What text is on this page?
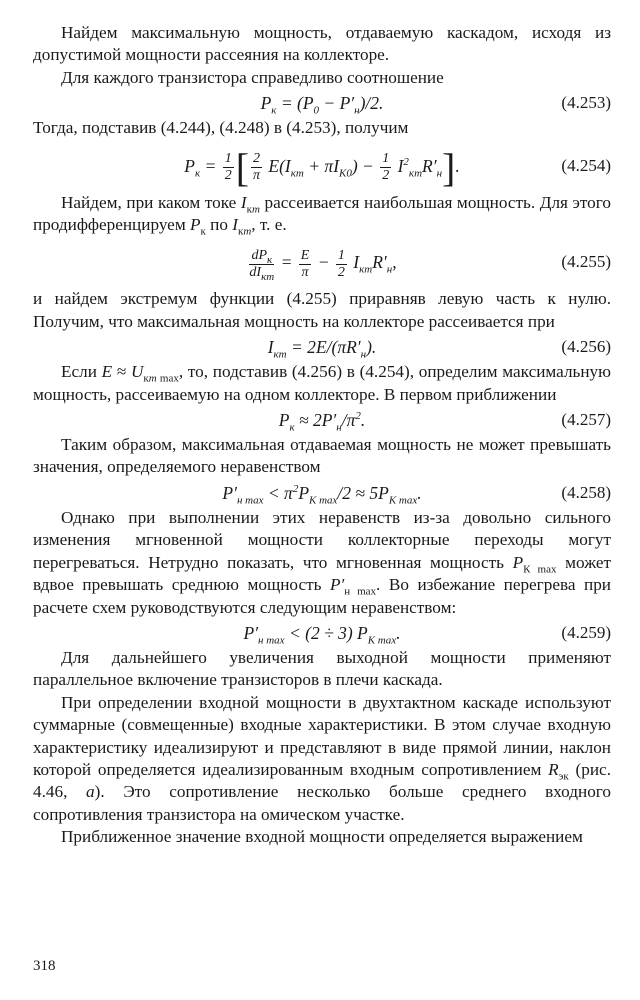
Найдем максимальную мощность, отдаваемую каскадом, исходя из допустимой мощности рассеяния на коллекторе.

Для каждого транзистора справедливо соотношение

$P_к = (P_0 - P'_н)/2$.	(4.253)

Тогда, подставив (4.244), (4.248) в (4.253), получим

$P_к = \frac{1}{2}$ [ $\frac{2}{\pi} E(I_{кm} + \pi I_{К0}) - \frac{1}{2} I^2_{кm}R'_н$].	(4.254)

Найдем, при каком токе $I_{кm}$ рассеивается наибольшая мощность. Для этого продифференцируем $P_к$ по $I_{кm}$, т. е.

$\frac{dP_к}{dI_{кm}} = \frac{E}{\pi} - \frac{1}{2} I_{кm}R'_н$,	(4.255)

и найдем экстремум функции (4.255) приравняв левую часть к нулю. Получим, что максимальная мощность на коллекторе рассеивается при

$I_{кm} = 2E/(\pi R'_н)$.	(4.256)

Если $E \approx U_{кm max}$, то, подставив (4.256) в (4.254), определим максимальную мощность, рассеиваемую на одном коллекторе. В первом приближении

$P_к \approx 2P'_н/\pi^2$.	(4.257)

Таким образом, максимальная отдаваемая мощность не может превышать значения, определяемого неравенством

$P'_{н max} < \pi^2P_{К max}/2 \approx 5P_{К max}$.	(4.258)

Однако при выполнении этих неравенств из-за довольно сильного изменения мгновенной мощности коллекторные переходы могут перегреваться. Нетрудно показать, что мгновенная мощность $P_{К max}$ может вдвое превышать среднюю мощность $P'_{н max}$. Во избежание перегрева при расчете схем руководствуются следующим неравенством:

$P'_{н max} < (2 \div 3)$ $P_{К max}$.	(4.259)

Для дальнейшего увеличения выходной мощности применяют параллельное включение транзисторов в плечи каскада.

При определении входной мощности в двухтактном каскаде используют суммарные (совмещенные) входные характеристики. В этом случае входную характеристику идеализируют и представляют в виде прямой линии, наклон которой определяется идеализированным входным сопротивлением $R_{эк}$ (рис. 4.46, а). Это сопротивление несколько больше среднего входного сопротивления транзистора на омическом участке.

Приближенное значение входной мощности определяется выражением

318
